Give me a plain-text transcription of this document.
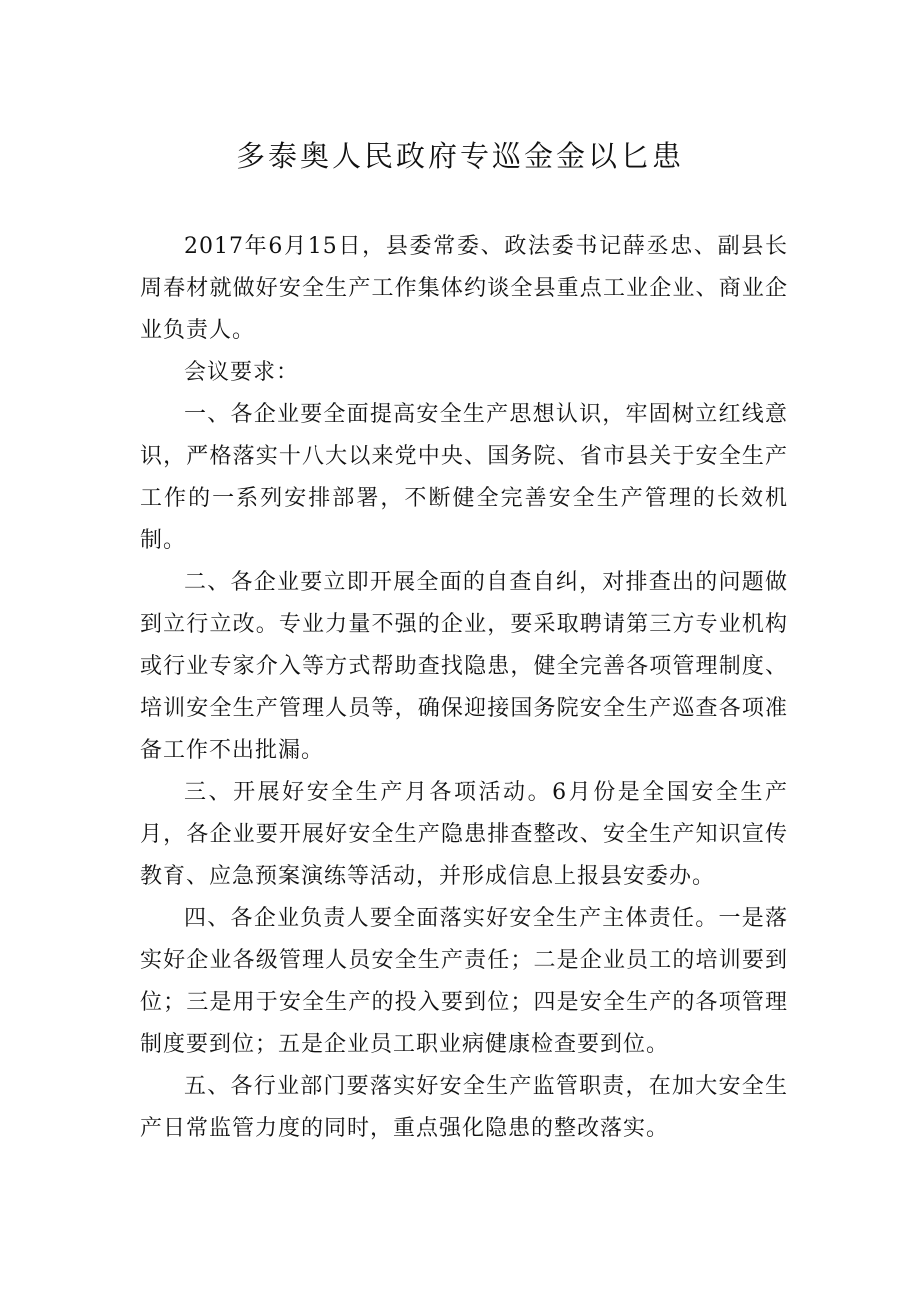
多泰奥人民政府专巡金金以匕患

2017年6月15日，县委常委、政法委书记薛丞忠、副县长周春材就做好安全生产工作集体约谈全县重点工业企业、商业企业负责人。

会议要求：

一、各企业要全面提高安全生产思想认识，牢固树立红线意识，严格落实十八大以来党中央、国务院、省市县关于安全生产工作的一系列安排部署，不断健全完善安全生产管理的长效机制。

二、各企业要立即开展全面的自查自纠，对排查出的问题做到立行立改。专业力量不强的企业，要采取聘请第三方专业机构或行业专家介入等方式帮助查找隐患，健全完善各项管理制度、培训安全生产管理人员等，确保迎接国务院安全生产巡查各项准备工作不出批漏。

三、开展好安全生产月各项活动。6月份是全国安全生产月，各企业要开展好安全生产隐患排查整改、安全生产知识宣传教育、应急预案演练等活动，并形成信息上报县安委办。

四、各企业负责人要全面落实好安全生产主体责任。一是落实好企业各级管理人员安全生产责任；二是企业员工的培训要到位；三是用于安全生产的投入要到位；四是安全生产的各项管理制度要到位；五是企业员工职业病健康检查要到位。

五、各行业部门要落实好安全生产监管职责，在加大安全生产日常监管力度的同时，重点强化隐患的整改落实。
